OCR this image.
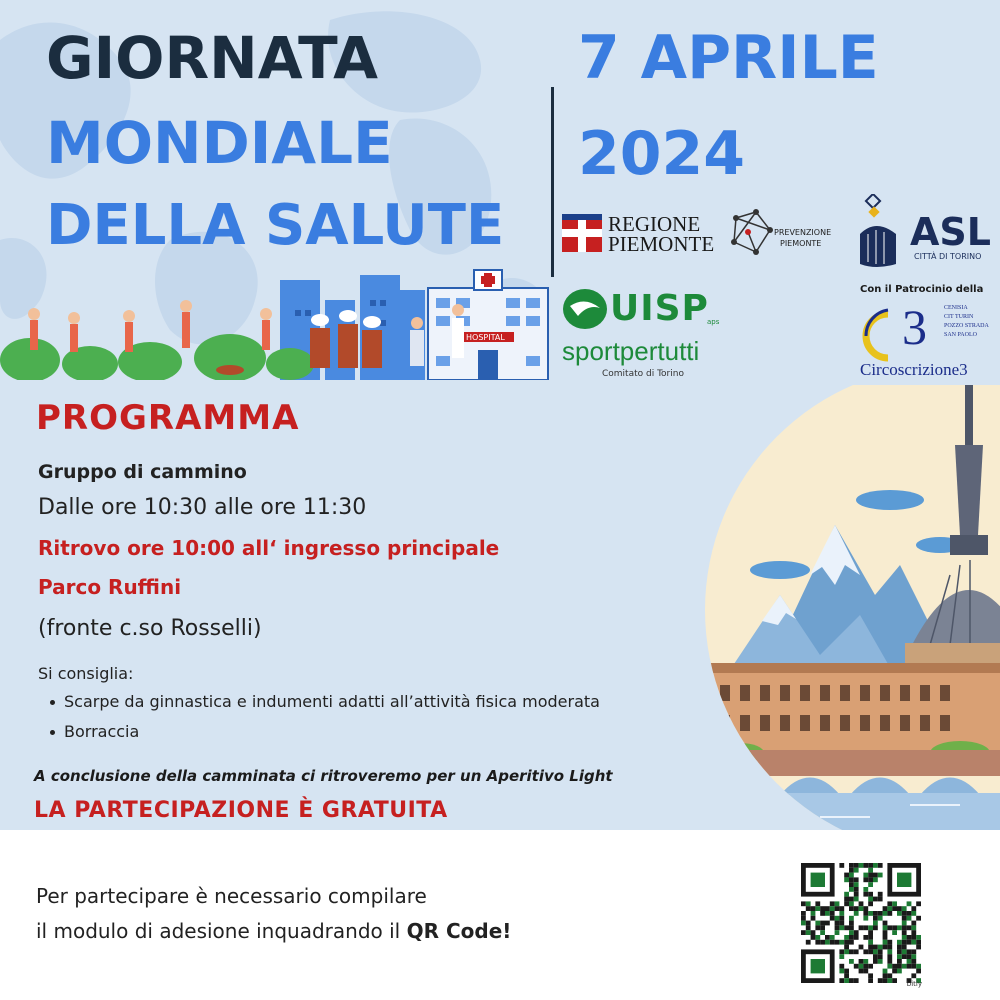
GIORNATA
MONDIALE
DELLA SALUTE
7 APRILE
2024
REGIONE
PIEMONTE	PREVENZIONE
PIEMONTE ASL
CITTÀ DI TORINO
UISP
aps
sportpertutti
Comitato di Torino
Con il Patrocinio della
3	CENISIA
CIT TURIN
POZZO STRADA
SAN PAOLO
Circoscrizione3
HOSPITAL
PROGRAMMA
Gruppo di cammino
Dalle ore 10:30 alle ore 11:30
Ritrovo ore 10:00 all‘ ingresso principale
Parco Ruffini
(fronte c.so Rosselli)
Si consiglia:
Scarpe da ginnastica e indumenti adatti all’attività fisica moderata
Borraccia
A conclusione della camminata ci ritroveremo per un Aperitivo Light
LA PARTECIPAZIONE È GRATUITA
Per partecipare è necessario compilare
il modulo di adesione inquadrando il QR Code!
bitly
